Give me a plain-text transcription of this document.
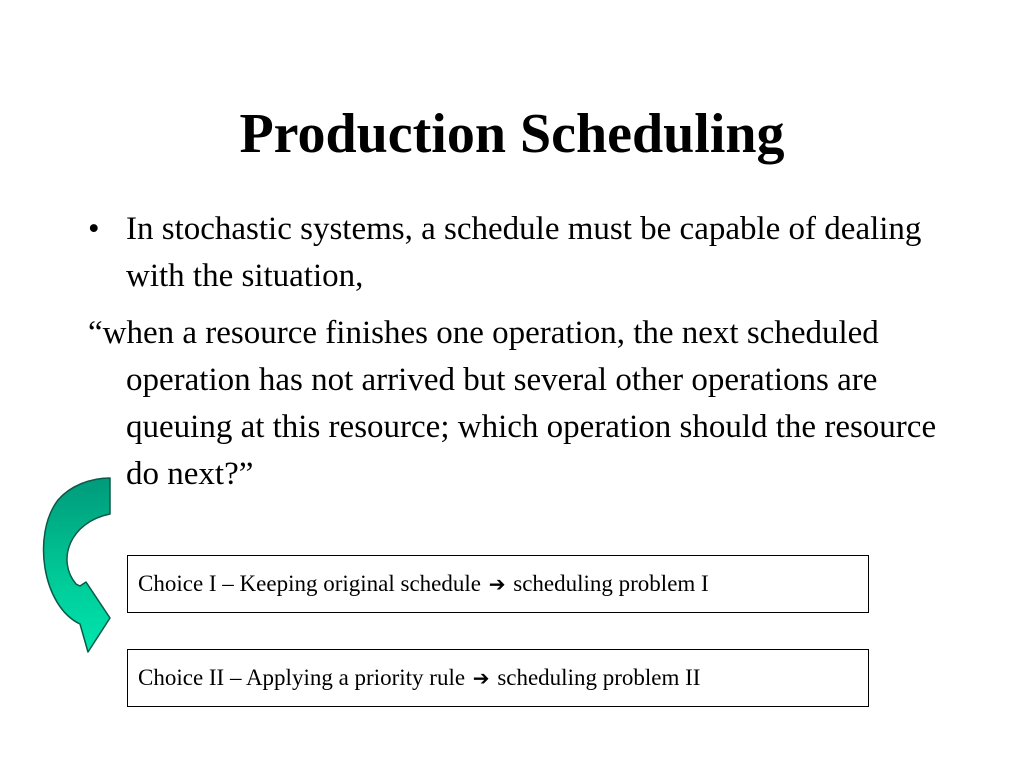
Production Scheduling

• In stochastic systems, a schedule must be capable of dealing with the situation,

“when a resource finishes one operation, the next scheduled operation has not arrived but several other operations are queuing at this resource; which operation should the resource do next?”

Choice I – Keeping original schedule ➔ scheduling problem I
Choice II – Applying a priority rule ➔ scheduling problem II
